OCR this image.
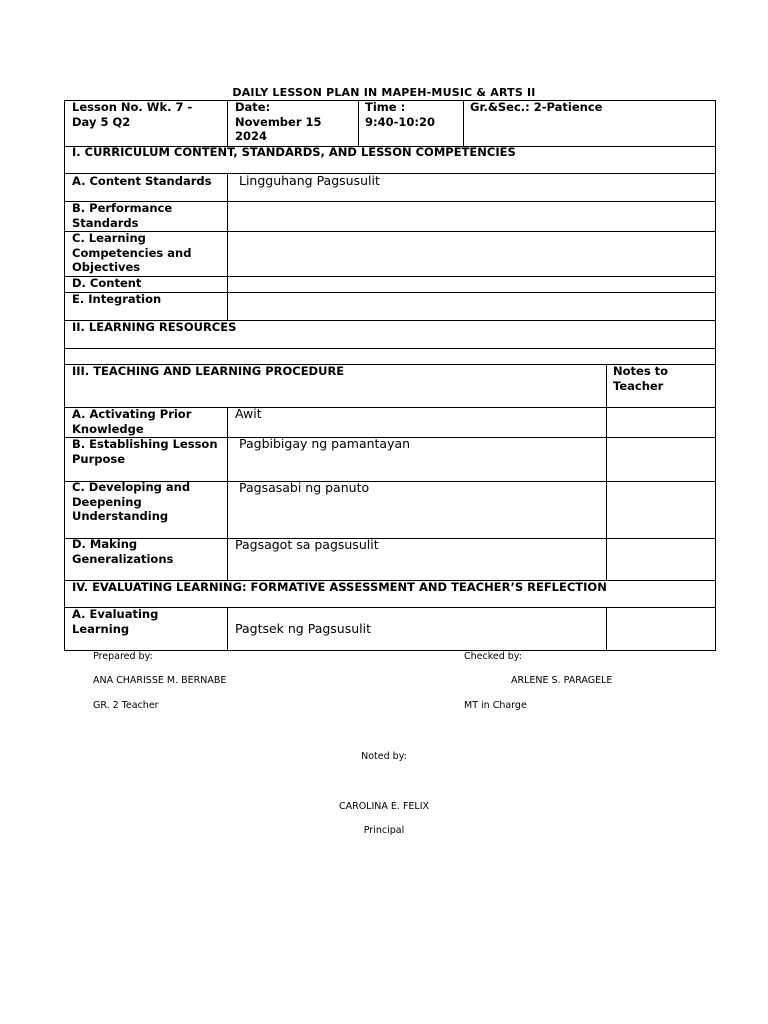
DAILY LESSON PLAN IN MAPEH-MUSIC & ARTS II
Lesson No. Wk. 7 -
Day 5 Q2
Date:
November 15
2024
Time :
9:40-10:20
Gr.&Sec.: 2-Patience
I. CURRICULUM CONTENT, STANDARDS, AND LESSON COMPETENCIES
A. Content Standards Lingguhang Pagsusulit
B. Performance
Standards
C. Learning
Competencies and
Objectives
D. Content
E. Integration
II. LEARNING RESOURCES
III. TEACHING AND LEARNING PROCEDURE	Notes to
Teacher
A. Activating Prior
Knowledge
Awit
B. Establishing Lesson
Purpose
Pagbibigay ng pamantayan
C. Developing and
Deepening
Understanding
Pagsasabi ng panuto
D. Making
Generalizations
Pagsagot sa pagsusulit
IV. EVALUATING LEARNING: FORMATIVE ASSESSMENT AND TEACHER’S REFLECTION
A. Evaluating
Learning	Pagtsek ng Pagsusulit
Prepared by:
ANA CHARISSE M. BERNABE
GR. 2 Teacher
Checked by:
ARLENE S. PARAGELE
MT in Charge
Noted by:
CAROLINA E. FELIX
Principal
